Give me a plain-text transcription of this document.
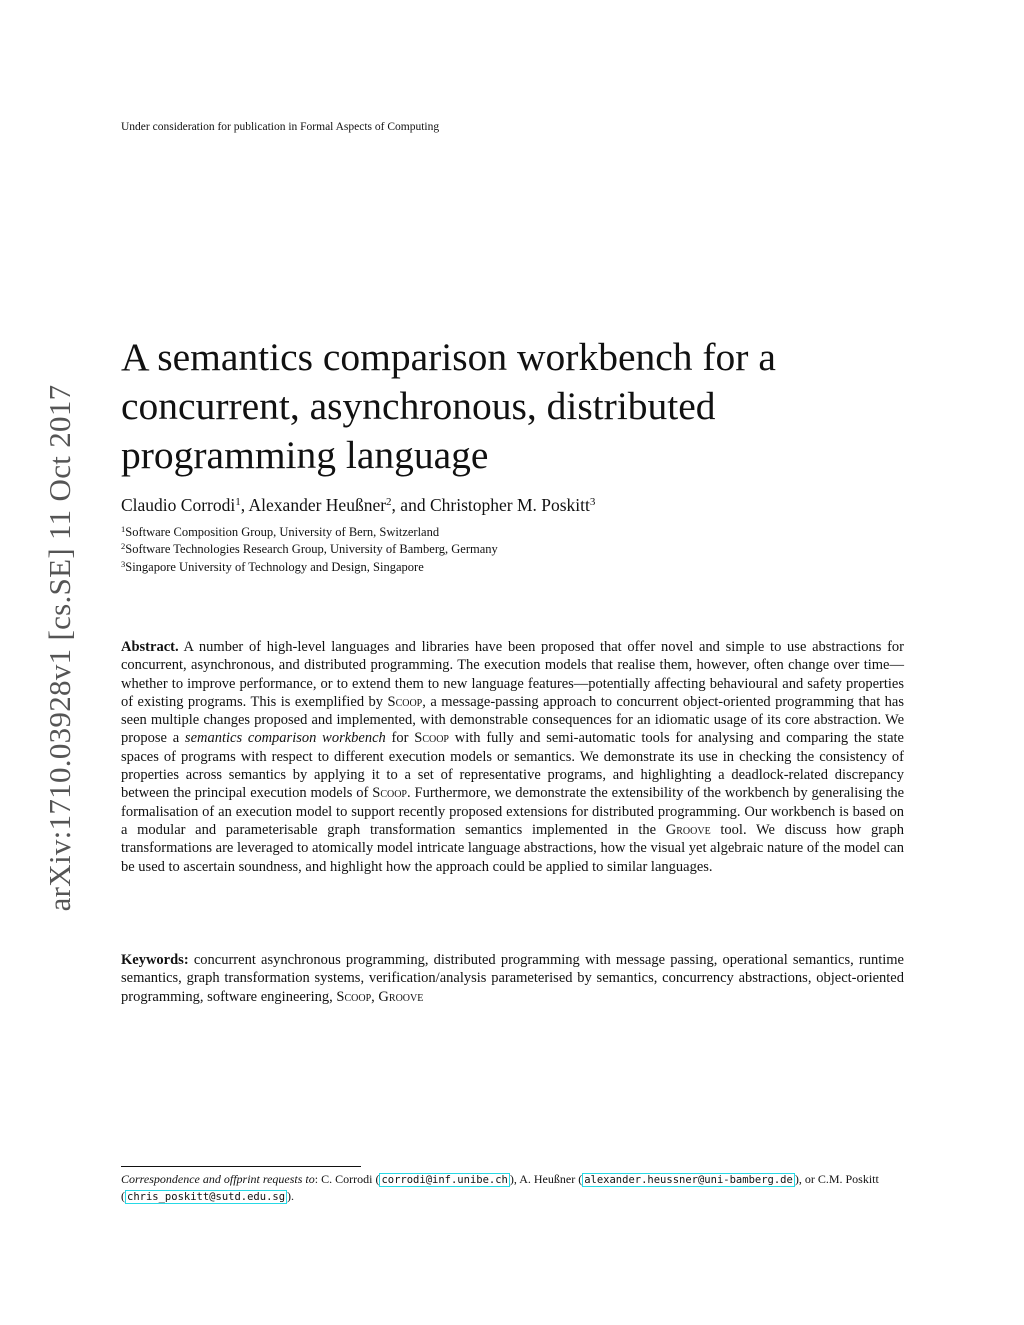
Under consideration for publication in Formal Aspects of Computing
arXiv:1710.03928v1 [cs.SE] 11 Oct 2017
A semantics comparison workbench for a concurrent, asynchronous, distributed programming language
Claudio Corrodi$^1$, Alexander Heußner$^2$, and Christopher M. Poskitt$^3$
$^1$Software Composition Group, University of Bern, Switzerland
$^2$Software Technologies Research Group, University of Bamberg, Germany
$^3$Singapore University of Technology and Design, Singapore

Abstract. A number of high-level languages and libraries have been proposed that offer novel and simple to use abstractions for concurrent, asynchronous, and distributed programming. The execution models that realise them, however, often change over time—whether to improve performance, or to extend them to new language features—potentially affecting behavioural and safety properties of existing programs. This is exemplified by Scoop, a message-passing approach to concurrent object-oriented programming that has seen multiple changes proposed and implemented, with demonstrable consequences for an idiomatic usage of its core abstraction. We propose a semantics comparison workbench for Scoop with fully and semi-automatic tools for analysing and comparing the state spaces of programs with respect to different execution models or semantics. We demonstrate its use in checking the consistency of properties across semantics by applying it to a set of representative programs, and highlighting a deadlock-related discrepancy between the principal execution models of Scoop. Furthermore, we demonstrate the extensibility of the workbench by generalising the formalisation of an execution model to support recently proposed extensions for distributed programming. Our workbench is based on a modular and parameterisable graph transformation semantics implemented in the Groove tool. We discuss how graph transformations are leveraged to atomically model intricate language abstractions, how the visual yet algebraic nature of the model can be used to ascertain soundness, and highlight how the approach could be applied to similar languages.

Keywords: concurrent asynchronous programming, distributed programming with message passing, operational semantics, runtime semantics, graph transformation systems, verification/analysis parameterised by semantics, concurrency abstractions, object-oriented programming, software engineering, Scoop, Groove

Correspondence and offprint requests to: C. Corrodi ( corrodi@inf.unibe.ch ), A. Heußner ( alexander.heussner@uni-bamberg.de ), or C.M. Poskitt ( chris_poskitt@sutd.edu.sg ).
